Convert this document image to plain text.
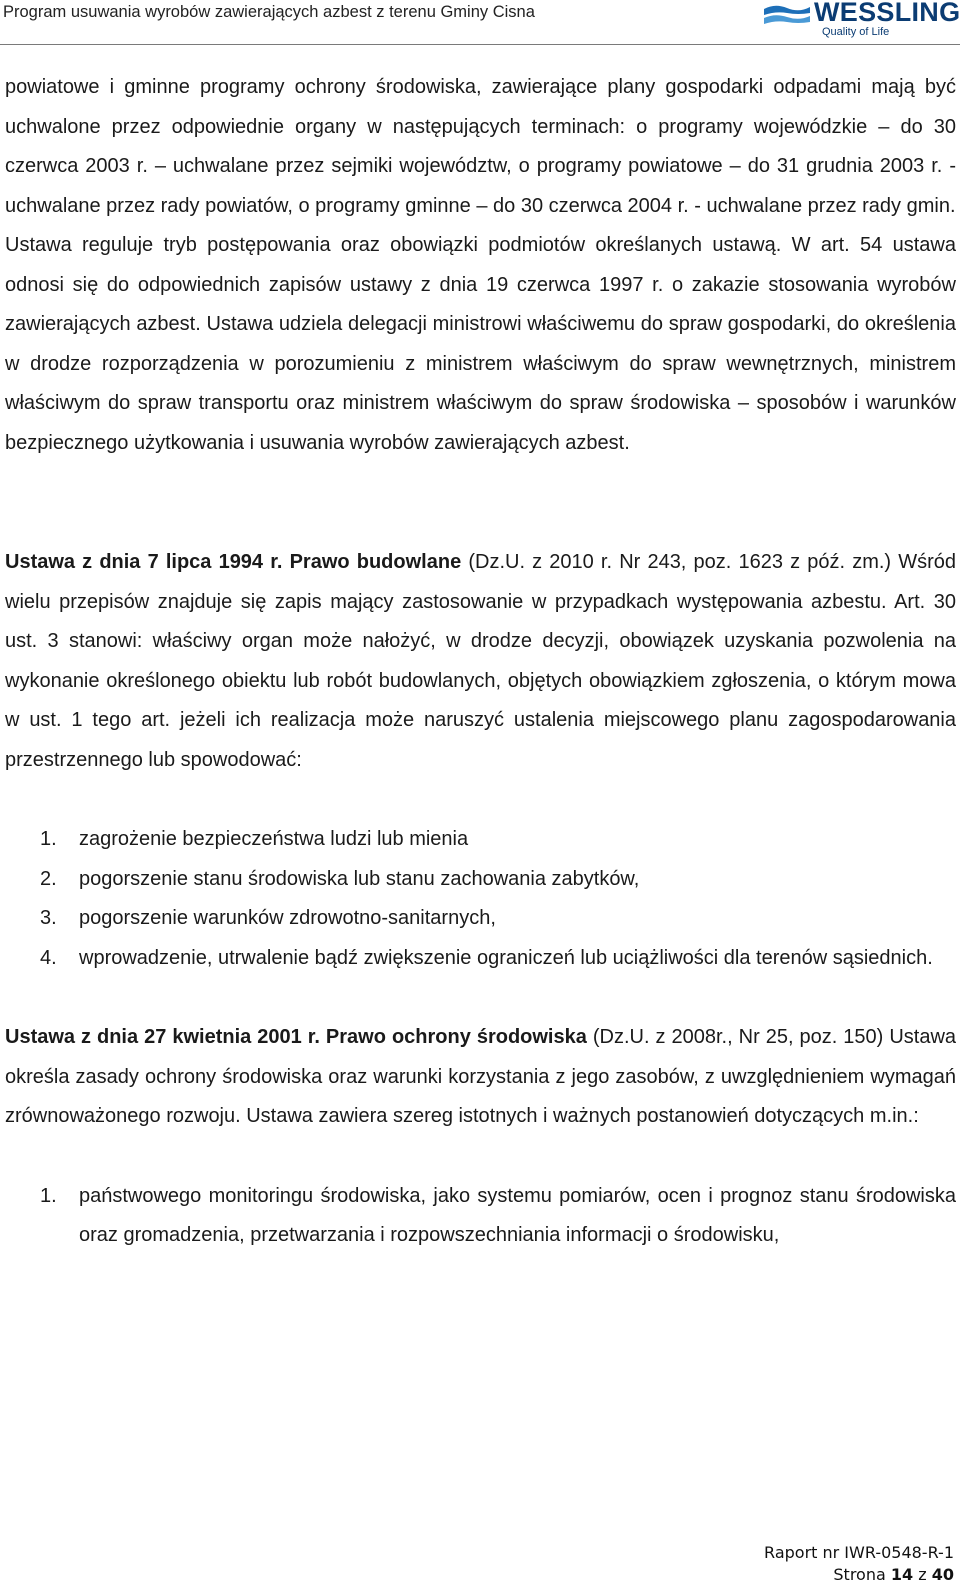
Program usuwania wyrobów zawierających azbest z terenu Gminy Cisna	WESSLING
Quality of Life

powiatowe i gminne programy ochrony środowiska, zawierające plany gospodarki odpadami mają być uchwalone przez odpowiednie organy w następujących terminach: o programy wojewódzkie – do 30 czerwca 2003 r. – uchwalane przez sejmiki województw, o programy powiatowe – do 31 grudnia 2003 r. - uchwalane przez rady powiatów, o programy gminne – do 30 czerwca 2004 r. - uchwalane przez rady gmin.

Ustawa reguluje tryb postępowania oraz obowiązki podmiotów określanych ustawą. W art. 54 ustawa odnosi się do odpowiednich zapisów ustawy z dnia 19 czerwca 1997 r. o zakazie stosowania wyrobów zawierających azbest. Ustawa udziela delegacji ministrowi właściwemu do spraw gospodarki, do określenia w drodze rozporządzenia w porozumieniu z ministrem właściwym do spraw wewnętrznych, ministrem właściwym do spraw transportu oraz ministrem właściwym do spraw środowiska – sposobów i warunków bezpiecznego użytkowania i usuwania wyrobów zawierających azbest.

Ustawa z dnia 7 lipca 1994 r. Prawo budowlane (Dz.U. z 2010 r. Nr 243, poz. 1623 z póź. zm.) Wśród wielu przepisów znajduje się zapis mający zastosowanie w przypadkach występowania azbestu. Art. 30 ust. 3 stanowi: właściwy organ może nałożyć, w drodze decyzji, obowiązek uzyskania pozwolenia na wykonanie określonego obiektu lub robót budowlanych, objętych obowiązkiem zgłoszenia, o którym mowa w ust. 1 tego art. jeżeli ich realizacja może naruszyć ustalenia miejscowego planu zagospodarowania przestrzennego lub spowodować:

1. zagrożenie bezpieczeństwa ludzi lub mienia
2. pogorszenie stanu środowiska lub stanu zachowania zabytków,
3. pogorszenie warunków zdrowotno-sanitarnych,
4. wprowadzenie, utrwalenie bądź zwiększenie ograniczeń lub uciążliwości dla terenów sąsiednich.

Ustawa z dnia 27 kwietnia 2001 r. Prawo ochrony środowiska (Dz.U. z 2008r., Nr 25, poz. 150) Ustawa określa zasady ochrony środowiska oraz warunki korzystania z jego zasobów, z uwzględnieniem wymagań zrównoważonego rozwoju. Ustawa zawiera szereg istotnych i ważnych postanowień dotyczących m.in.:

1. państwowego monitoringu środowiska, jako systemu pomiarów, ocen i prognoz stanu środowiska oraz gromadzenia, przetwarzania i rozpowszechniania informacji o środowisku,
Raport nr IWR-0548-R-1
Strona 14 z 40
